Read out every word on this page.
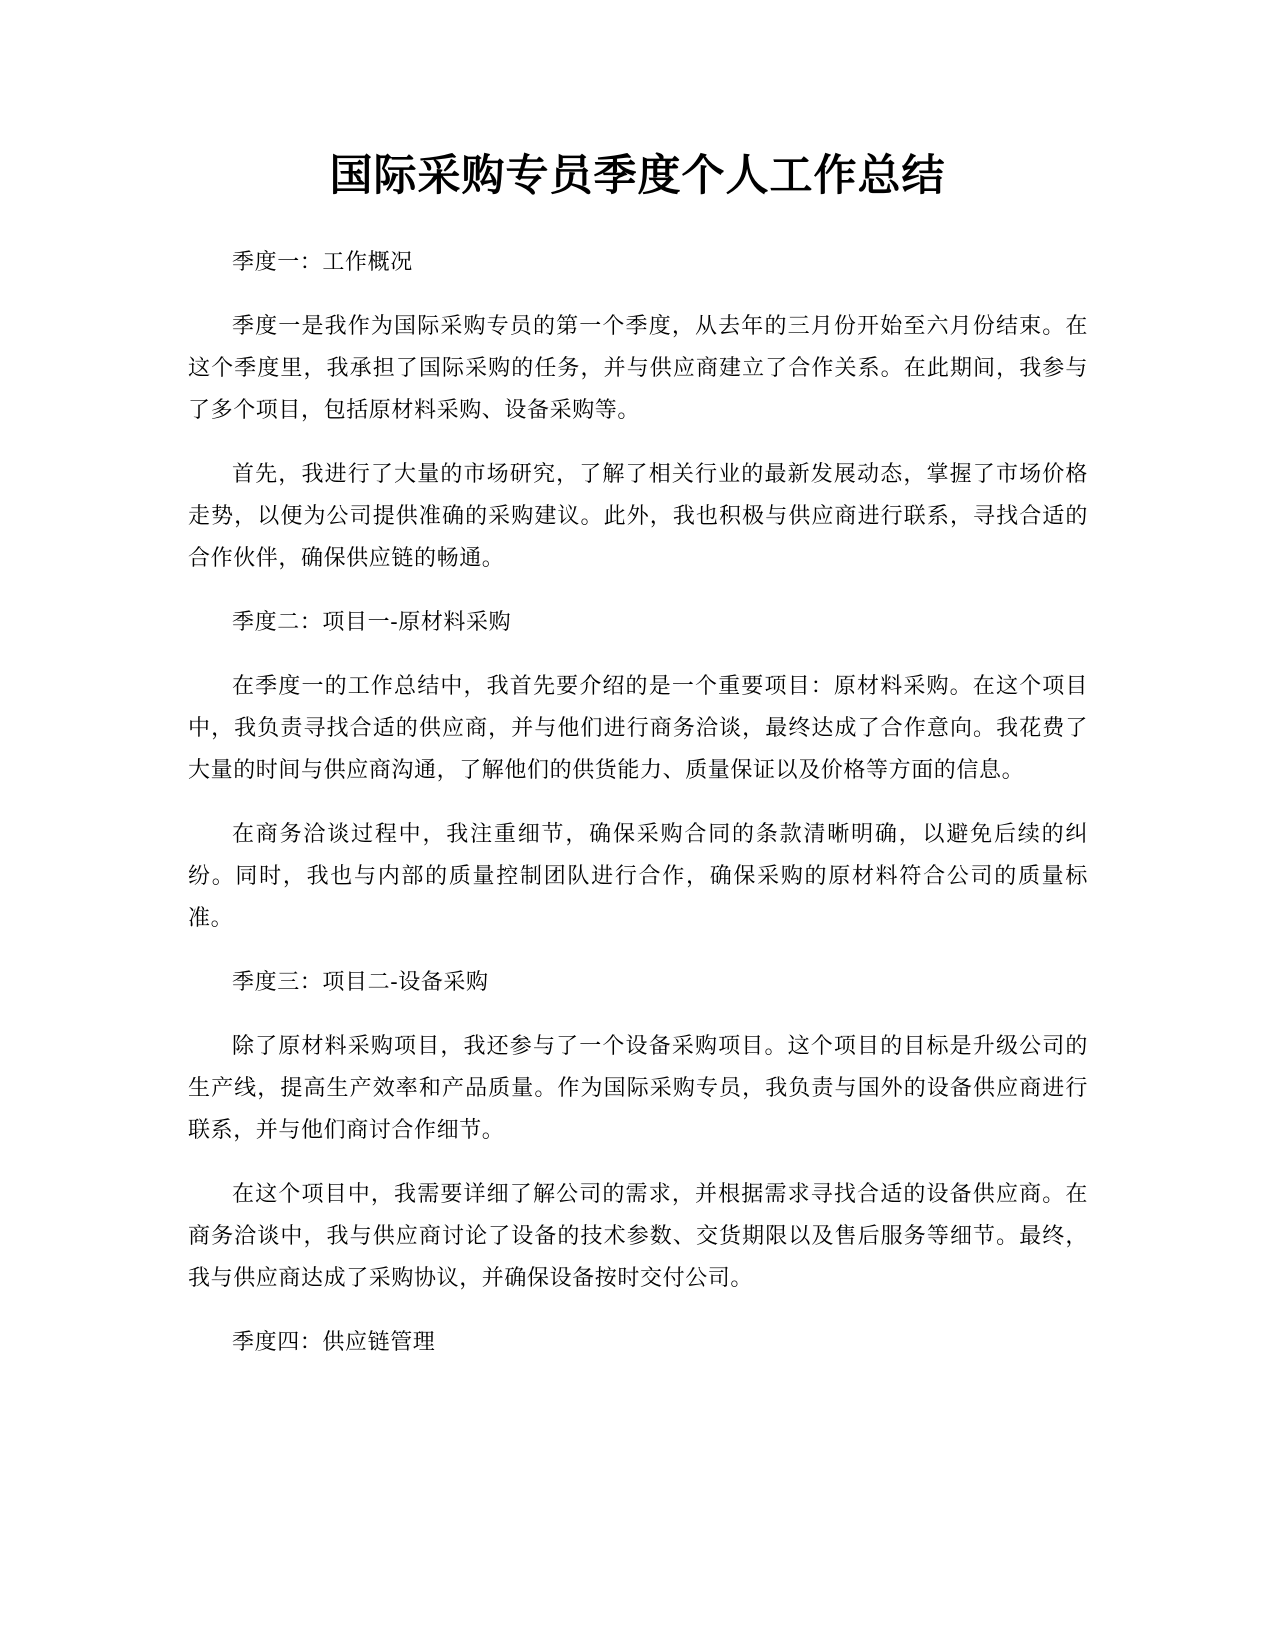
国际采购专员季度个人工作总结

季度一：工作概况

季度一是我作为国际采购专员的第一个季度，从去年的三月份开始至六月份结束。在这个季度里，我承担了国际采购的任务，并与供应商建立了合作关系。在此期间，我参与了多个项目，包括原材料采购、设备采购等。

首先，我进行了大量的市场研究，了解了相关行业的最新发展动态，掌握了市场价格走势，以便为公司提供准确的采购建议。此外，我也积极与供应商进行联系，寻找合适的合作伙伴，确保供应链的畅通。

季度二：项目一-原材料采购

在季度一的工作总结中，我首先要介绍的是一个重要项目：原材料采购。在这个项目中，我负责寻找合适的供应商，并与他们进行商务洽谈，最终达成了合作意向。我花费了大量的时间与供应商沟通，了解他们的供货能力、质量保证以及价格等方面的信息。

在商务洽谈过程中，我注重细节，确保采购合同的条款清晰明确，以避免后续的纠纷。同时，我也与内部的质量控制团队进行合作，确保采购的原材料符合公司的质量标准。

季度三：项目二-设备采购

除了原材料采购项目，我还参与了一个设备采购项目。这个项目的目标是升级公司的生产线，提高生产效率和产品质量。作为国际采购专员，我负责与国外的设备供应商进行联系，并与他们商讨合作细节。

在这个项目中，我需要详细了解公司的需求，并根据需求寻找合适的设备供应商。在商务洽谈中，我与供应商讨论了设备的技术参数、交货期限以及售后服务等细节。最终，我与供应商达成了采购协议，并确保设备按时交付公司。

季度四：供应链管理
